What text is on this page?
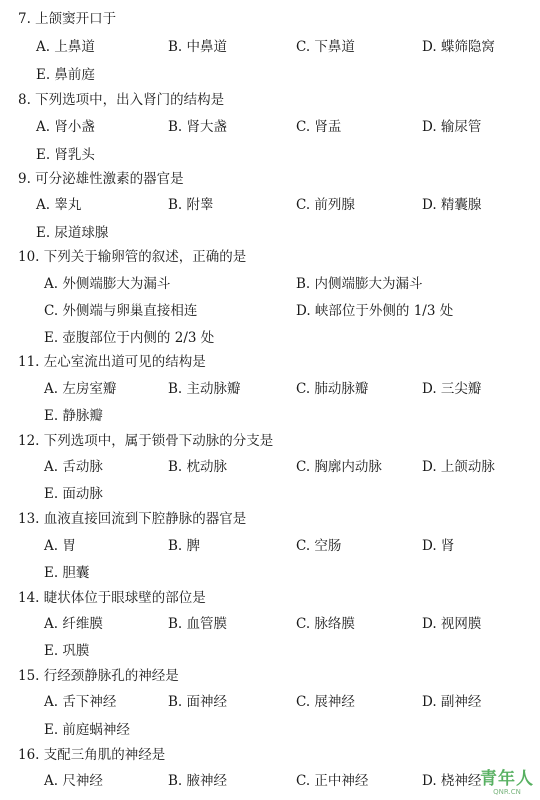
7. 上颌窦开口于
A. 上鼻道	B. 中鼻道	C. 下鼻道	D. 蝶筛隐窝
E. 鼻前庭
8. 下列选项中，出入肾门的结构是
A. 肾小盏	B. 肾大盏	C. 肾盂	D. 输尿管
E. 肾乳头
9. 可分泌雄性激素的器官是
A. 睾丸	B. 附睾	C. 前列腺	D. 精囊腺
E. 尿道球腺
10. 下列关于输卵管的叙述，正确的是
A. 外侧端膨大为漏斗	B. 内侧端膨大为漏斗
C. 外侧端与卵巢直接相连	D. 峡部位于外侧的 1/3 处
E. 壶腹部位于内侧的 2/3 处
11. 左心室流出道可见的结构是
A. 左房室瓣	B. 主动脉瓣	C. 肺动脉瓣	D. 三尖瓣
E. 静脉瓣
12. 下列选项中，属于锁骨下动脉的分支是
A. 舌动脉	B. 枕动脉	C. 胸廓内动脉	D. 上颌动脉
E. 面动脉
13. 血液直接回流到下腔静脉的器官是
A. 胃	B. 脾	C. 空肠	D. 肾
E. 胆囊
14. 睫状体位于眼球壁的部位是
A. 纤维膜	B. 血管膜	C. 脉络膜	D. 视网膜
E. 巩膜
15. 行经颈静脉孔的神经是
A. 舌下神经	B. 面神经	C. 展神经	D. 副神经
E. 前庭蜗神经
16. 支配三角肌的神经是
A. 尺神经	B. 腋神经	C. 正中神经	D. 桡神经
青年人
QNR.CN
